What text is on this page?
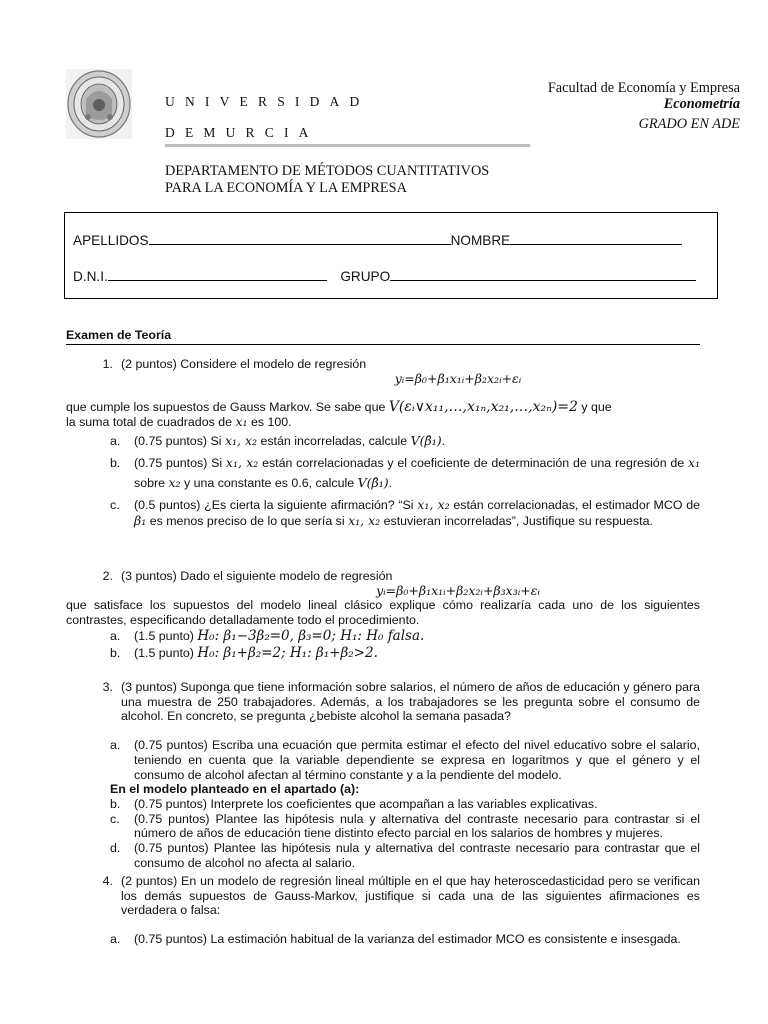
UNIVERSIDAD
DEMURCIA
DEPARTAMENTO DE MÉTODOS CUANTITATIVOS
PARA LA ECONOMÍA Y LA EMPRESA
Facultad de Economía y Empresa
Econometría
GRADO EN ADE
APELLIDOS	NOMBRE
D.N.I.	GRUPO
Examen de Teoría
1. (2 puntos) Considere el modelo de regresión
yᵢ=β₀+β₁x₁ᵢ+β₂x₂ᵢ+εᵢ
que cumple los supuestos de Gauss Markov. Se sabe que V(εᵢ∨x₁₁,…,x₁ₙ,x₂₁,…,x₂ₙ)=2 y que
la suma total de cuadrados de x₁ es 100.
a.	(0.75 puntos) Si x₁, x₂ están incorreladas, calcule V(β̂₁).
b.	(0.75 puntos) Si x₁, x₂ están correlacionadas y el coeficiente de determinación de una regresión de x₁ sobre x₂ y una constante es 0.6, calcule V(β̂₁).
c.	(0.5 puntos) ¿Es cierta la siguiente afirmación? “Si x₁, x₂ están correlacionadas, el estimador MCO de β₁ es menos preciso de lo que sería si x₁, x₂ estuvieran incorreladas”, Justifique su respuesta.
2. (3 puntos) Dado el siguiente modelo de regresión
yᵢ=β₀+β₁x₁ᵢ+β₂x₂ᵢ+β₃x₃ᵢ+εᵢ
que satisface los supuestos del modelo lineal clásico explique cómo realizaría cada uno de los siguientes contrastes, especificando detalladamente todo el procedimiento.
a.	(1.5 punto) H₀: β₁−3β₂=0, β₃=0; H₁: H₀ falsa.
b.	(1.5 punto) H₀: β₁+β₂=2; H₁: β₁+β₂>2.
3. (3 puntos) Suponga que tiene información sobre salarios, el número de años de educación y género para una muestra de 250 trabajadores. Además, a los trabajadores se les pregunta sobre el consumo de alcohol. En concreto, se pregunta ¿bebiste alcohol la semana pasada?
a.	(0.75 puntos) Escriba una ecuación que permita estimar el efecto del nivel educativo sobre el salario, teniendo en cuenta que la variable dependiente se expresa en logaritmos y que el género y el consumo de alcohol afectan al término constante y a la pendiente del modelo.
En el modelo planteado en el apartado (a):
b.	(0.75 puntos) Interprete los coeficientes que acompañan a las variables explicativas.
c.	(0.75 puntos) Plantee las hipótesis nula y alternativa del contraste necesario para contrastar si el número de años de educación tiene distinto efecto parcial en los salarios de hombres y mujeres.
d.	(0.75 puntos) Plantee las hipótesis nula y alternativa del contraste necesario para contrastar que el consumo de alcohol no afecta al salario.
4. (2 puntos) En un modelo de regresión lineal múltiple en el que hay heteroscedasticidad pero se verifican los demás supuestos de Gauss-Markov, justifique si cada una de las siguientes afirmaciones es verdadera o falsa:
a.	(0.75 puntos) La estimación habitual de la varianza del estimador MCO es consistente e insesgada.
